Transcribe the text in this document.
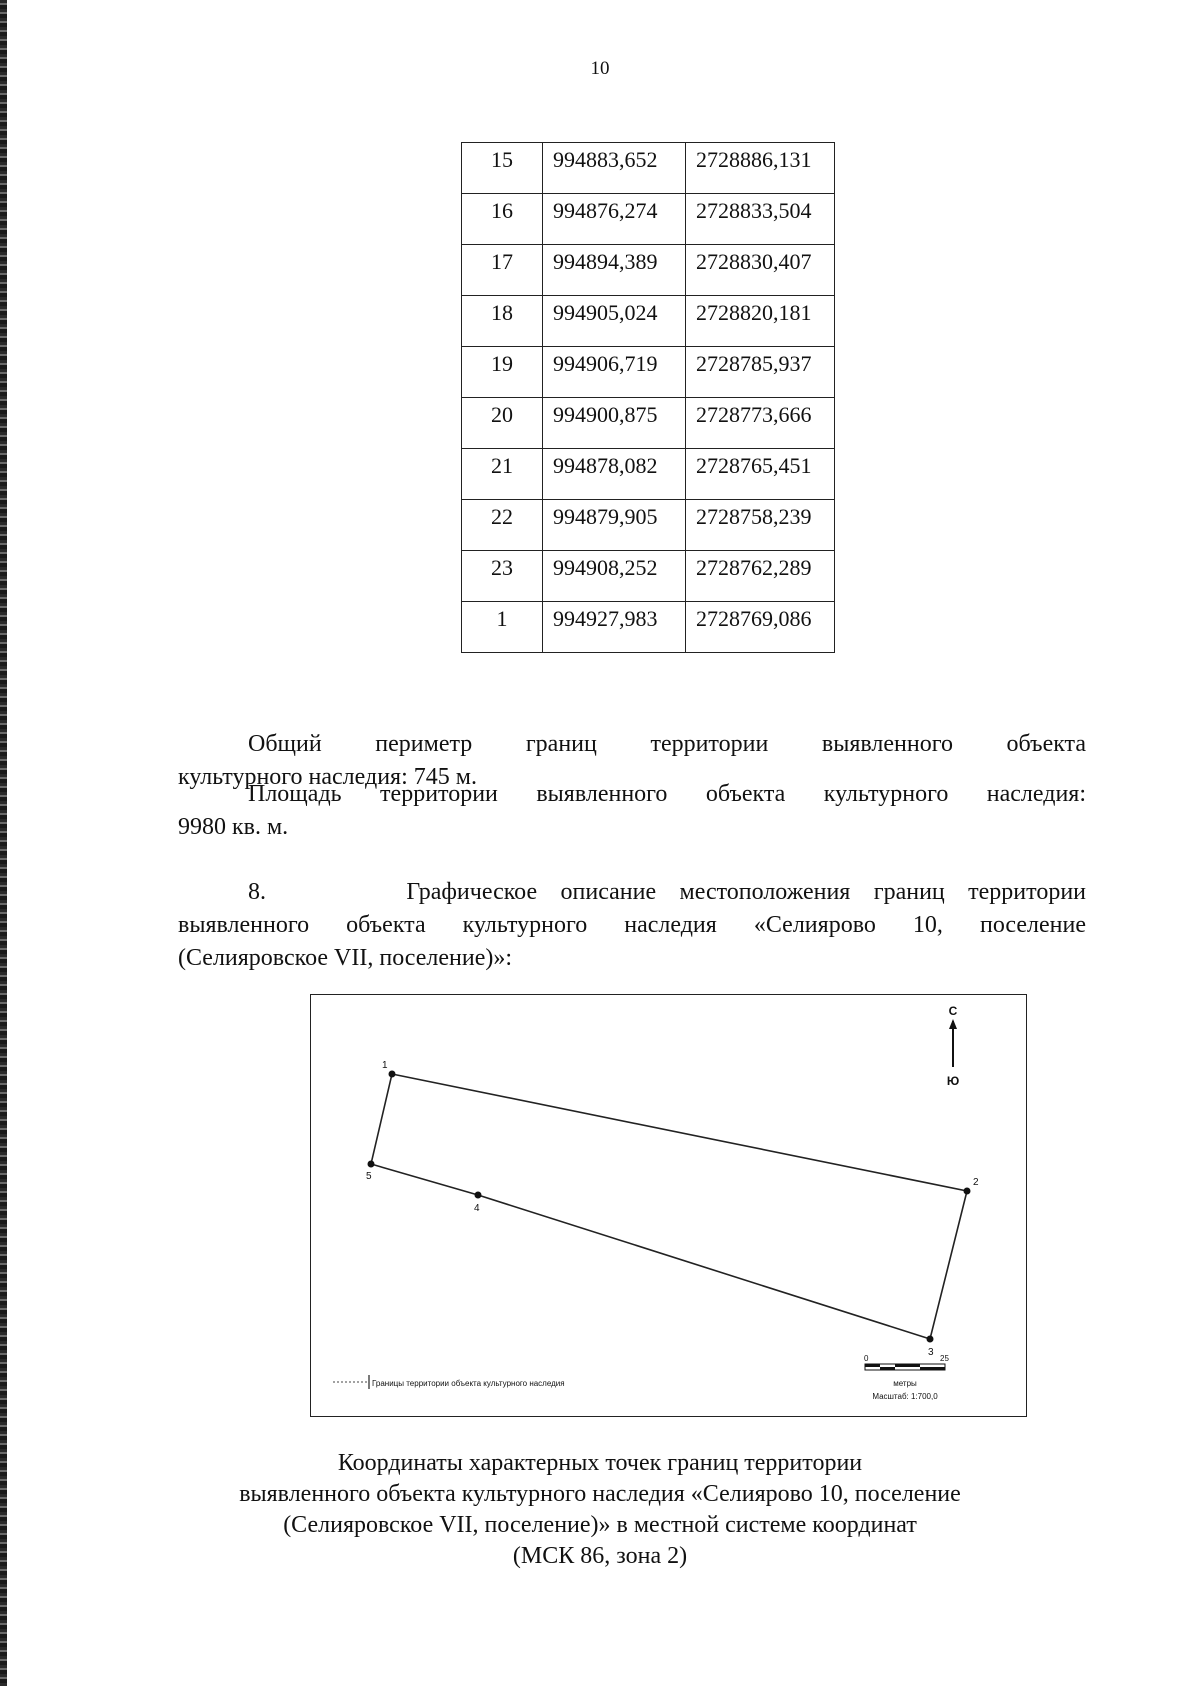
10
15	994883,652	2728886,131
16	994876,274	2728833,504
17	994894,389	2728830,407
18	994905,024	2728820,181
19	994906,719	2728785,937
20	994900,875	2728773,666
21	994878,082	2728765,451
22	994879,905	2728758,239
23	994908,252	2728762,289
1	994927,983	2728769,086
Общий периметр границ территории выявленного объекта
культурного наследия: 745 м.
Площадь территории выявленного объекта культурного наследия:
9980 кв. м.
8.      Графическое описание местоположения границ территории
выявленного объекта культурного наследия «Селиярово 10, поселение
(Селияровское VII, поселение)»:
1
2
3
4
5
С
Ю
Границы территории объекта культурного наследия
0	25
метры
Масштаб: 1:700,0
Координаты характерных точек границ территории
выявленного объекта культурного наследия «Селиярово 10, поселение
(Селияровское VII, поселение)» в местной системе координат
(МСК 86, зона 2)
